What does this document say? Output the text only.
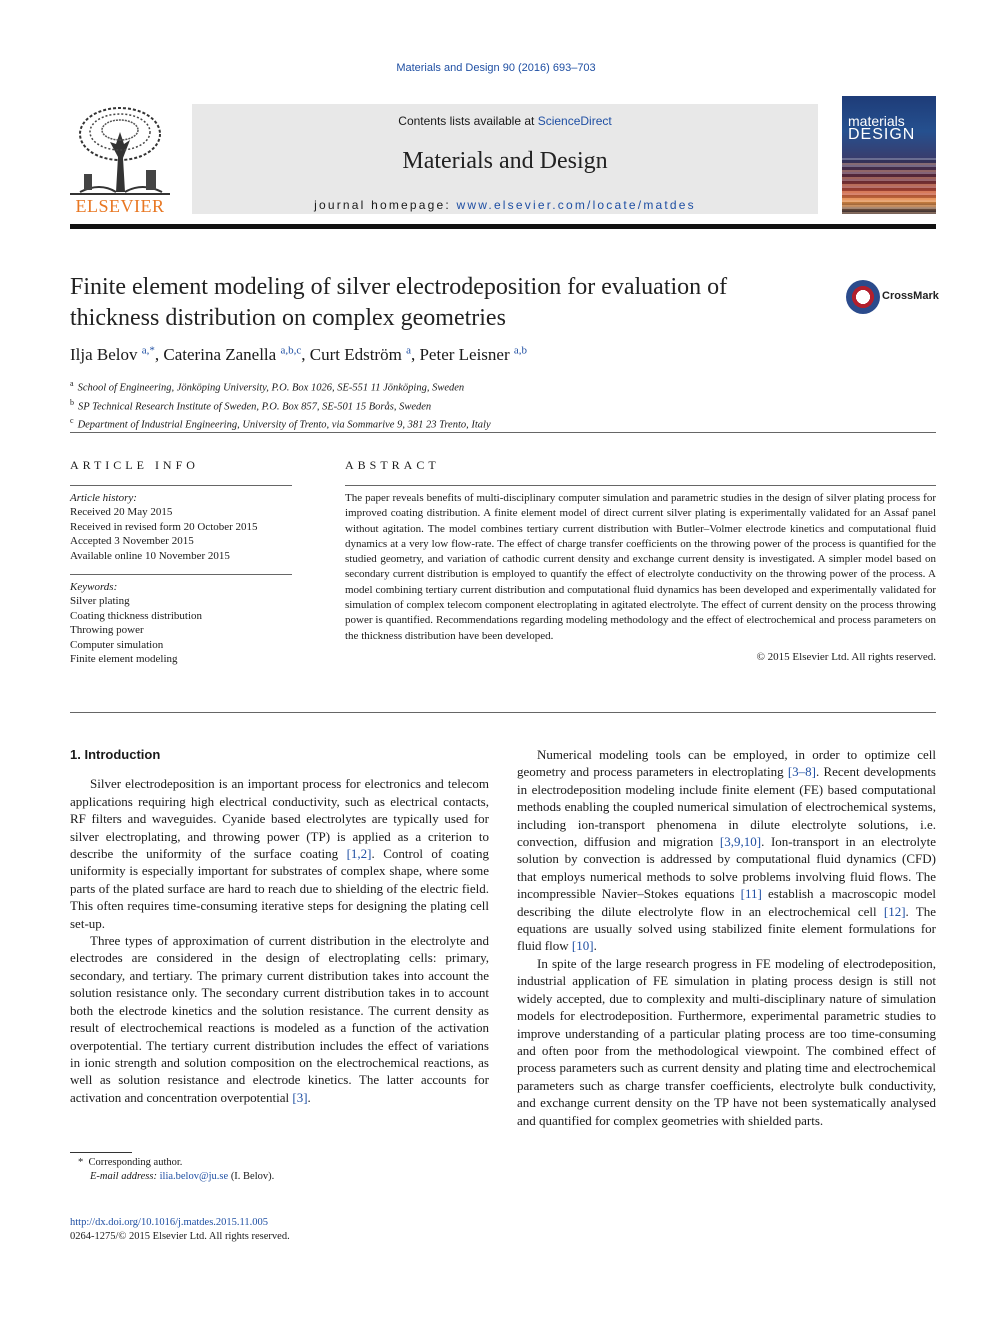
Materials and Design 90 (2016) 693–703
ELSEVIER
Contents lists available at ScienceDirect
Materials and Design
journal homepage: www.elsevier.com/locate/matdes
materials
DESIGN
Finite element modeling of silver electrodeposition for evaluation of
thickness distribution on complex geometries
CrossMark
Ilja Belov $^{a,*}$, Caterina Zanella $^{a,b,c}$, Curt Edström $^a$, Peter Leisner $^{a,b}$
$^a$ School of Engineering, Jönköping University, P.O. Box 1026, SE-551 11 Jönköping, Sweden
$^b$ SP Technical Research Institute of Sweden, P.O. Box 857, SE-501 15 Borås, Sweden
$^c$ Department of Industrial Engineering, University of Trento, via Sommarive 9, 381 23 Trento, Italy
ARTICLE INFO	ABSTRACT
Article history:
Received 20 May 2015
Received in revised form 20 October 2015
Accepted 3 November 2015
Available online 10 November 2015
Keywords:
Silver plating
Coating thickness distribution
Throwing power
Computer simulation
Finite element modeling
The paper reveals benefits of multi-disciplinary computer simulation and parametric studies in the design of silver plating process for improved coating distribution. A finite element model of direct current silver plating is experimentally validated for an Assaf panel without agitation. The model combines tertiary current distribution with Butler–Volmer electrode kinetics and computational fluid dynamics at a very low flow-rate. The effect of charge transfer coefficients on the throwing power of the process is quantified for the studied geometry, and variation of cathodic current density and exchange current density is investigated. A simpler model based on secondary current distribution is employed to quantify the effect of electrolyte conductivity on the throwing power of the process. A model combining tertiary current distribution and computational fluid dynamics has been developed and experimentally validated for simulation of complex telecom component electroplating in agitated electrolyte. The effect of current density on the process throwing power is quantified. Recommendations regarding modeling methodology and the effect of electrochemical and process parameters on the thickness distribution have been developed.
© 2015 Elsevier Ltd. All rights reserved.
1. Introduction

Silver electrodeposition is an important process for electronics and telecom applications requiring high electrical conductivity, such as electrical contacts, RF filters and waveguides. Cyanide based electrolytes are typically used for silver electroplating, and throwing power (TP) is applied as a criterion to describe the uniformity of the surface coating [1,2]. Control of coating uniformity is especially important for substrates of complex shape, where some parts of the plated surface are hard to reach due to shielding of the electric field. This often requires time-consuming iterative steps for designing the plating cell set-up.

Three types of approximation of current distribution in the electrolyte and electrodes are considered in the design of electroplating cells: primary, secondary, and tertiary. The primary current distribution takes into account the solution resistance only. The secondary current distribution takes in to account both the electrode kinetics and the solution resistance. The current density as result of electrochemical reactions is modeled as a function of the activation overpotential. The tertiary current distribution includes the effect of variations in ionic strength and solution composition on the electrochemical reactions, as well as solution resistance and electrode kinetics. The latter accounts for activation and concentration overpotential [3].

Numerical modeling tools can be employed, in order to optimize cell geometry and process parameters in electroplating [3–8]. Recent developments in electrodeposition modeling include finite element (FE) based computational methods enabling the coupled numerical simulation of electrochemical systems, including ion-transport phenomena in dilute electrolyte solutions, i.e. convection, diffusion and migration [3,9,10]. Ion-transport in an electrolyte solution by convection is addressed by computational fluid dynamics (CFD) that employs numerical methods to solve problems involving fluid flows. The incompressible Navier–Stokes equations [11] establish a macroscopic model describing the dilute electrolyte flow in an electrochemical cell [12]. The equations are usually solved using stabilized finite element formulations for fluid flow [10].

In spite of the large research progress in FE modeling of electrodeposition, industrial application of FE simulation in plating process design is still not widely accepted, due to complexity and multi-disciplinary nature of simulation models for electrodeposition. Furthermore, experimental parametric studies to improve understanding of a particular plating process are too time-consuming and often poor from the methodological viewpoint. The combined effect of process parameters such as current density and plating time and electrochemical parameters such as charge transfer coefficients, electrolyte bulk conductivity, and exchange current density on the TP have not been systematically analysed and quantified for complex geometries with shielded parts.

* Corresponding author.
E-mail address: ilia.belov@ju.se (I. Belov).
http://dx.doi.org/10.1016/j.matdes.2015.11.005
0264-1275/© 2015 Elsevier Ltd. All rights reserved.
